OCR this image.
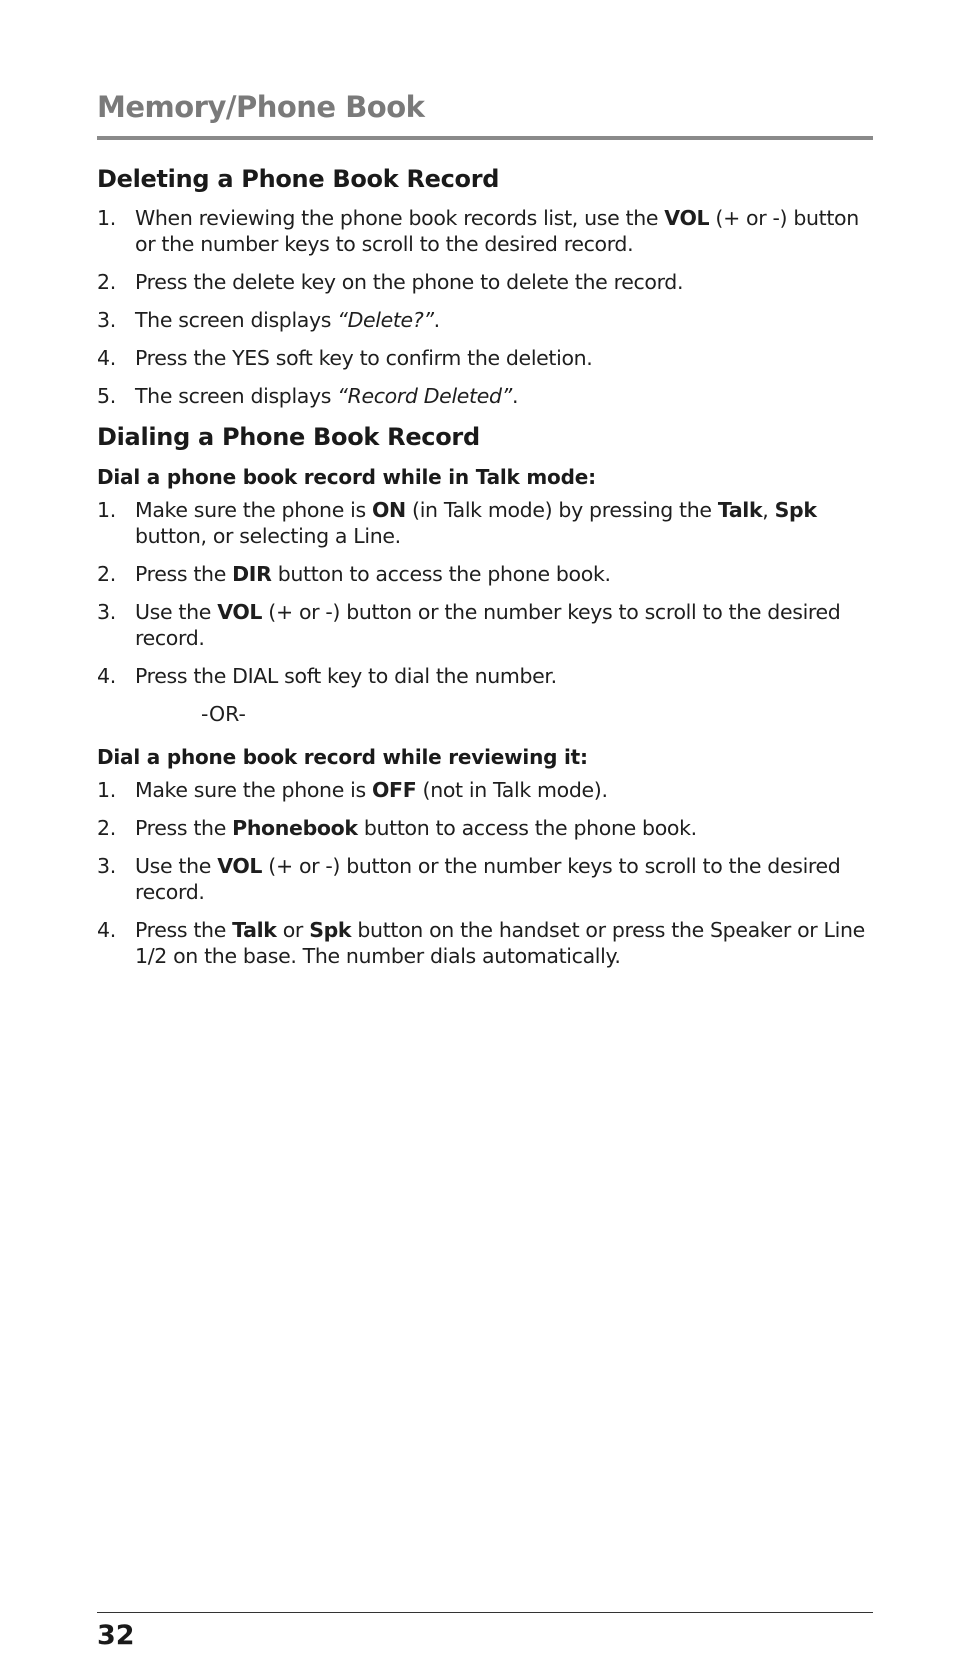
Memory/Phone Book
Deleting a Phone Book Record
1. When reviewing the phone book records list, use the VOL (+ or -) button or the number keys to scroll to the desired record.
2. Press the delete key on the phone to delete the record.
3. The screen displays “Delete?”.
4. Press the YES soft key to confirm the deletion.
5. The screen displays “Record Deleted”.
Dialing a Phone Book Record
Dial a phone book record while in Talk mode:
1. Make sure the phone is ON (in Talk mode) by pressing the Talk, Spk button, or selecting a Line.
2. Press the DIR button to access the phone book.
3. Use the VOL (+ or -) button or the number keys to scroll to the desired record.
4. Press the DIAL soft key to dial the number.
-OR-
Dial a phone book record while reviewing it:
1. Make sure the phone is OFF (not in Talk mode).
2. Press the Phonebook button to access the phone book.
3. Use the VOL (+ or -) button or the number keys to scroll to the desired record.
4. Press the Talk or Spk button on the handset or press the Speaker or Line 1/2 on the base. The number dials automatically.
32
